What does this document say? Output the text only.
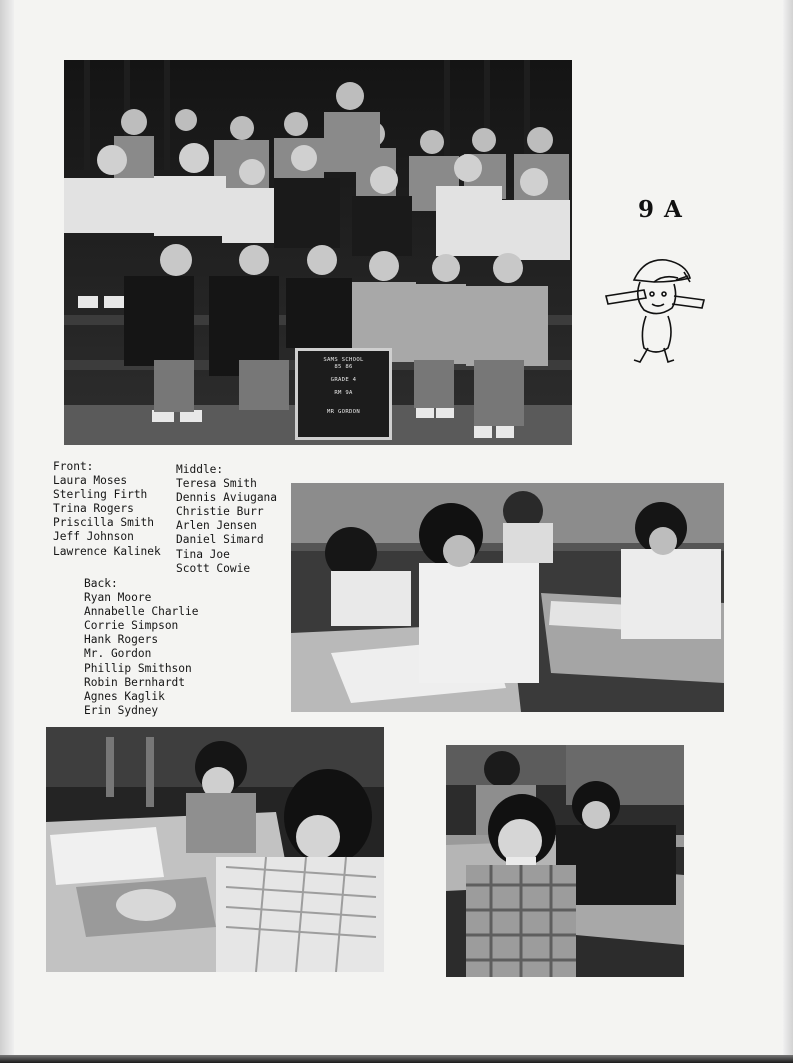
SAMS SCHOOL
85 86
GRADE 4
RM 9A
MR GORDON
9 A
Front:
Laura Moses
Sterling Firth
Trina Rogers
Priscilla Smith
Jeff Johnson
Lawrence Kalinek
Middle:
Teresa Smith
Dennis Aviugana
Christie Burr
Arlen Jensen
Daniel Simard
Tina Joe
Scott Cowie
Back:
Ryan Moore
Annabelle Charlie
Corrie Simpson
Hank Rogers
Mr. Gordon
Phillip Smithson
Robin Bernhardt
Agnes Kaglik
Erin Sydney
